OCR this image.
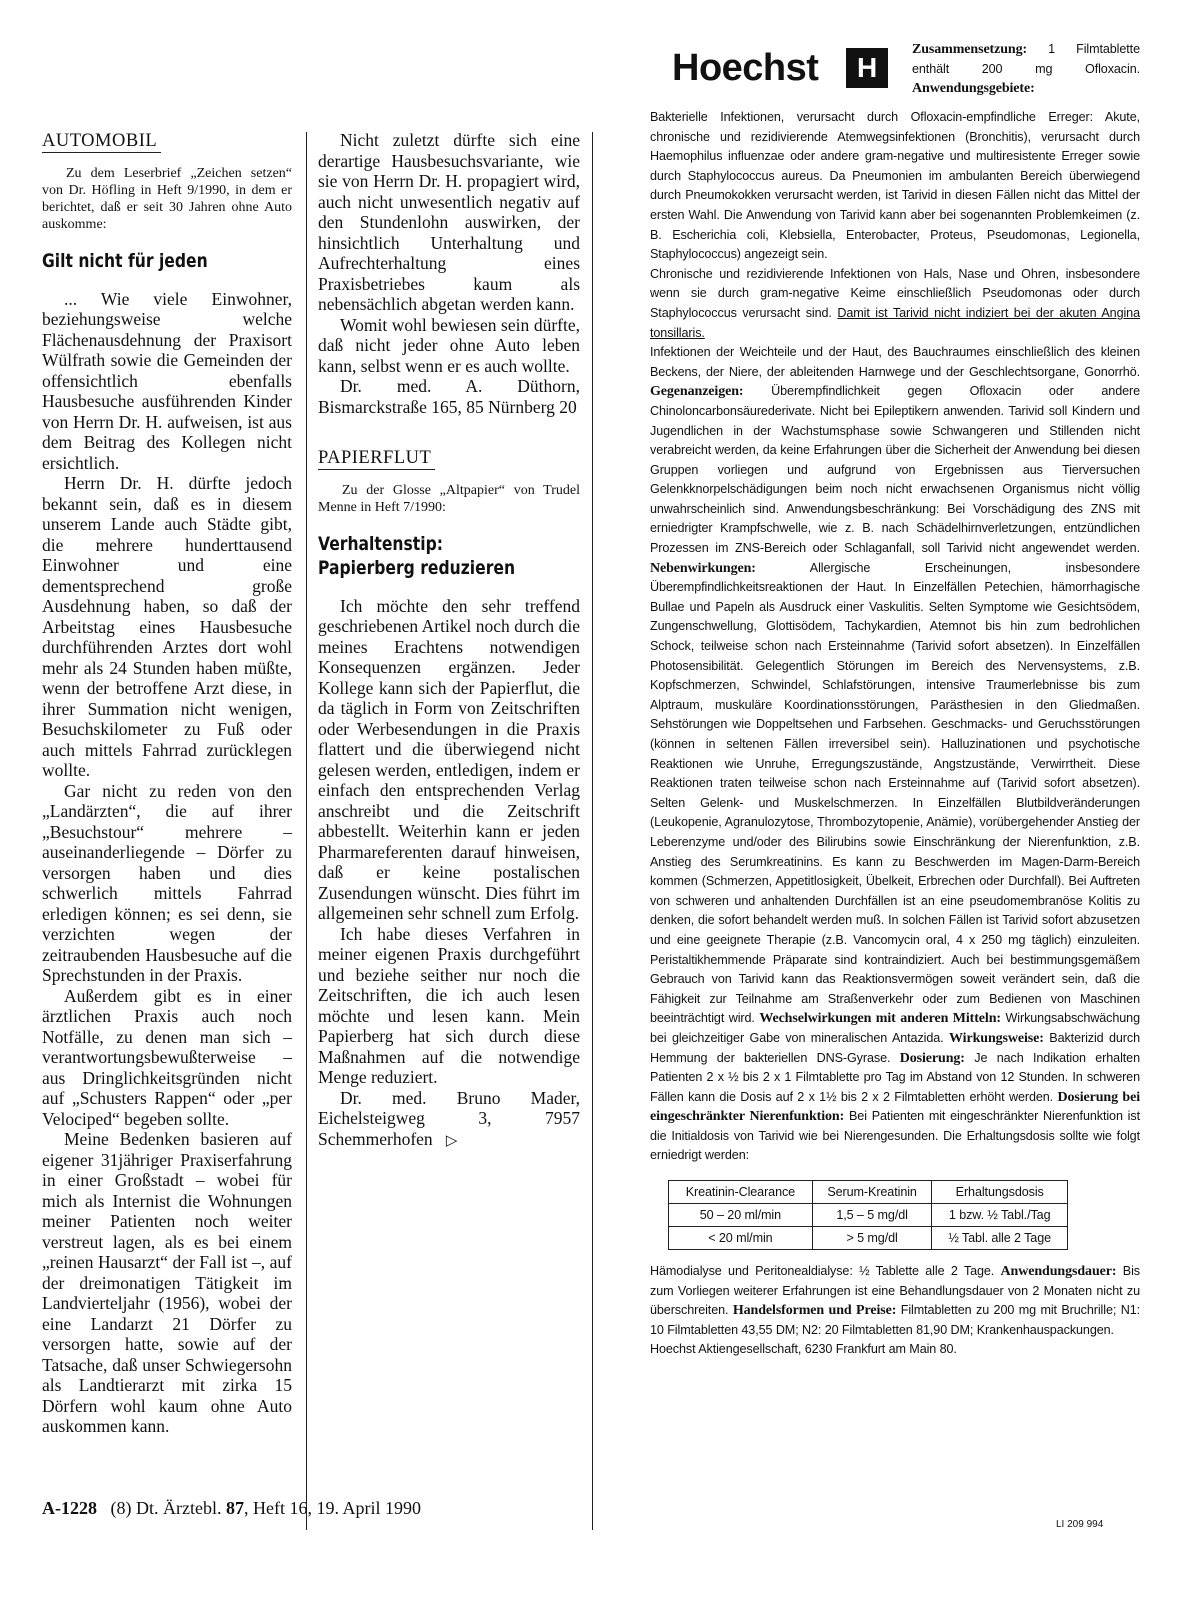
AUTOMOBIL

Zu dem Leserbrief „Zeichen setzen“ von Dr. Höfling in Heft 9/1990, in dem er berichtet, daß er seit 30 Jahren ohne Auto auskomme:

Gilt nicht für jeden

... Wie viele Einwohner, beziehungsweise welche Flächenausdehnung der Praxisort Wülfrath sowie die Gemeinden der offensichtlich ebenfalls Hausbesuche ausführenden Kinder von Herrn Dr. H. aufweisen, ist aus dem Beitrag des Kollegen nicht ersichtlich.

Herrn Dr. H. dürfte jedoch bekannt sein, daß es in diesem unserem Lande auch Städte gibt, die mehrere hunderttausend Einwohner und eine dementsprechend große Ausdehnung haben, so daß der Arbeitstag eines Hausbesuche durchführenden Arztes dort wohl mehr als 24 Stunden haben müßte, wenn der betroffene Arzt diese, in ihrer Summation nicht wenigen, Besuchskilometer zu Fuß oder auch mittels Fahrrad zurücklegen wollte.

Gar nicht zu reden von den „Landärzten“, die auf ihrer „Besuchstour“ mehrere – auseinanderliegende – Dörfer zu versorgen haben und dies schwerlich mittels Fahrrad erledigen können; es sei denn, sie verzichten wegen der zeitraubenden Hausbesuche auf die Sprechstunden in der Praxis.

Außerdem gibt es in einer ärztlichen Praxis auch noch Notfälle, zu denen man sich – verantwortungsbewußterweise – aus Dringlichkeitsgründen nicht auf „Schusters Rappen“ oder „per Velociped“ begeben sollte.

Meine Bedenken basieren auf eigener 31jähriger Praxiserfahrung in einer Großstadt – wobei für mich als Internist die Wohnungen meiner Patienten noch weiter verstreut lagen, als es bei einem „reinen Hausarzt“ der Fall ist –, auf der dreimonatigen Tätigkeit im Landvierteljahr (1956), wobei der eine Landarzt 21 Dörfer zu versorgen hatte, sowie auf der Tatsache, daß unser Schwiegersohn als Landtierarzt mit zirka 15 Dörfern wohl kaum ohne Auto auskommen kann.

Nicht zuletzt dürfte sich eine derartige Hausbesuchsvariante, wie sie von Herrn Dr. H. propagiert wird, auch nicht unwesentlich negativ auf den Stundenlohn auswirken, der hinsichtlich Unterhaltung und Aufrechterhaltung eines Praxisbetriebes kaum als nebensächlich abgetan werden kann.

Womit wohl bewiesen sein dürfte, daß nicht jeder ohne Auto leben kann, selbst wenn er es auch wollte.

Dr. med. A. Düthorn, Bismarckstraße 165, 85 Nürnberg 20

PAPIERFLUT

Zu der Glosse „Altpapier“ von Trudel Menne in Heft 7/1990:

Verhaltenstip:
Papierberg reduzieren

Ich möchte den sehr treffend geschriebenen Artikel noch durch die meines Erachtens notwendigen Konsequenzen ergänzen. Jeder Kollege kann sich der Papierflut, die da täglich in Form von Zeitschriften oder Werbesendungen in die Praxis flattert und die überwiegend nicht gelesen werden, entledigen, indem er einfach den entsprechenden Verlag anschreibt und die Zeitschrift abbestellt. Weiterhin kann er jeden Pharmareferenten darauf hinweisen, daß er keine postalischen Zusendungen wünscht. Dies führt im allgemeinen sehr schnell zum Erfolg.

Ich habe dieses Verfahren in meiner eigenen Praxis durchgeführt und beziehe seither nur noch die Zeitschriften, die ich auch lesen möchte und lesen kann. Mein Papierberg hat sich durch diese Maßnahmen auf die notwendige Menge reduziert.

Dr. med. Bruno Mader, Eichelsteigweg 3, 7957 Schemmerhofen ▷

Hoechst	H
Zusammensetzung: 1 Filmtablette enthält 200 mg Ofloxacin. Anwendungsgebiete:

Bakterielle Infektionen, verursacht durch Ofloxacin-empfindliche Erreger: Akute, chronische und rezidivierende Atemwegsinfektionen (Bronchitis), verursacht durch Haemophilus influenzae oder andere gram-negative und multiresistente Erreger sowie durch Staphylococcus aureus. Da Pneumonien im ambulanten Bereich überwiegend durch Pneumokokken verursacht werden, ist Tarivid in diesen Fällen nicht das Mittel der ersten Wahl. Die Anwendung von Tarivid kann aber bei sogenannten Problemkeimen (z. B. Escherichia coli, Klebsiella, Enterobacter, Proteus, Pseudomonas, Legionella, Staphylococcus) angezeigt sein.

Chronische und rezidivierende Infektionen von Hals, Nase und Ohren, insbesondere wenn sie durch gram-negative Keime einschließlich Pseudomonas oder durch Staphylococcus verursacht sind. Damit ist Tarivid nicht indiziert bei der akuten Angina tonsillaris.

Infektionen der Weichteile und der Haut, des Bauchraumes einschließlich des kleinen Beckens, der Niere, der ableitenden Harnwege und der Geschlechtsorgane, Gonorrhö. Gegenanzeigen: Überempfindlichkeit gegen Ofloxacin oder andere Chinoloncarbonsäurederivate. Nicht bei Epileptikern anwenden. Tarivid soll Kindern und Jugendlichen in der Wachstumsphase sowie Schwangeren und Stillenden nicht verabreicht werden, da keine Erfahrungen über die Sicherheit der Anwendung bei diesen Gruppen vorliegen und aufgrund von Ergebnissen aus Tierversuchen Gelenkknorpelschädigungen beim noch nicht erwachsenen Organismus nicht völlig unwahrscheinlich sind. Anwendungsbeschränkung: Bei Vorschädigung des ZNS mit erniedrigter Krampfschwelle, wie z. B. nach Schädelhirnverletzungen, entzündlichen Prozessen im ZNS-Bereich oder Schlaganfall, soll Tarivid nicht angewendet werden. Nebenwirkungen:	Allergische Erscheinungen, insbesondere Überempfindlichkeitsreaktionen der Haut. In Einzelfällen Petechien, hämorrhagische Bullae und Papeln als Ausdruck einer Vaskulitis. Selten Symptome wie Gesichtsödem, Zungenschwellung, Glottisödem, Tachykardien, Atemnot bis hin zum bedrohlichen Schock, teilweise schon nach Ersteinnahme (Tarivid sofort absetzen). In Einzelfällen Photosensibilität. Gelegentlich Störungen im Bereich des Nervensystems, z.B. Kopfschmerzen, Schwindel, Schlafstörungen, intensive Traumerlebnisse bis zum Alptraum, muskuläre Koordinationsstörungen, Parästhesien in den Gliedmaßen. Sehstörungen wie Doppeltsehen und Farbsehen. Geschmacks- und Geruchsstörungen (können in seltenen Fällen irreversibel sein). Halluzinationen und psychotische Reaktionen wie Unruhe, Erregungszustände, Angstzustände, Verwirrtheit. Diese Reaktionen traten teilweise schon nach Ersteinnahme auf (Tarivid sofort absetzen). Selten Gelenk- und Muskelschmerzen. In Einzelfällen Blutbildveränderungen (Leukopenie, Agranulozytose, Thrombozytopenie, Anämie), vorübergehender Anstieg der Leberenzyme und/oder des Bilirubins sowie Einschränkung der Nierenfunktion, z.B. Anstieg des Serumkreatinins. Es kann zu Beschwerden im Magen-Darm-Bereich kommen (Schmerzen, Appetitlosigkeit, Übelkeit, Erbrechen oder Durchfall). Bei Auftreten von schweren und anhaltenden Durchfällen ist an eine pseudomembranöse Kolitis zu denken, die sofort behandelt werden muß. In solchen Fällen ist Tarivid sofort abzusetzen und eine geeignete Therapie (z.B. Vancomycin oral, 4 x 250 mg täglich) einzuleiten. Peristaltikhemmende Präparate sind kontraindiziert. Auch bei bestimmungsgemäßem Gebrauch von Tarivid kann das Reaktionsvermögen soweit verändert sein, daß die Fähigkeit zur Teilnahme am Straßenverkehr oder zum Bedienen von Maschinen beeinträchtigt wird. Wechselwirkungen mit anderen Mitteln: Wirkungsabschwächung bei gleichzeitiger Gabe von mineralischen Antazida. Wirkungsweise: Bakterizid durch Hemmung der bakteriellen DNS-Gyrase. Dosierung: Je nach Indikation erhalten Patienten 2 x ½ bis 2 x 1 Filmtablette pro Tag im Abstand von 12 Stunden. In schweren Fällen kann die Dosis auf 2 x 1½ bis 2 x 2 Filmtabletten erhöht werden. Dosierung bei eingeschränkter Nierenfunktion: Bei Patienten mit eingeschränkter Nierenfunktion ist die Initialdosis von Tarivid wie bei Nierengesunden. Die Erhaltungsdosis sollte wie folgt erniedrigt werden:

Kreatinin-Clearance	Serum-Kreatinin	Erhaltungsdosis
50 – 20 ml/min	1,5 – 5 mg/dl	1 bzw. ½ Tabl./Tag
< 20 ml/min	> 5 mg/dl	½ Tabl. alle 2 Tage

Hämodialyse und Peritonealdialyse: ½ Tablette alle 2 Tage. Anwendungsdauer: Bis zum Vorliegen weiterer Erfahrungen ist eine Behandlungsdauer von 2 Monaten nicht zu überschreiten. Handelsformen und Preise: Filmtabletten zu 200 mg mit Bruchrille; N1: 10 Filmtabletten 43,55 DM; N2: 20 Filmtabletten 81,90 DM; Krankenhauspackungen.

Hoechst Aktiengesellschaft, 6230 Frankfurt am Main 80.

LI 209 994
A-1228 (8) Dt. Ärztebl. 87, Heft 16, 19. April 1990
